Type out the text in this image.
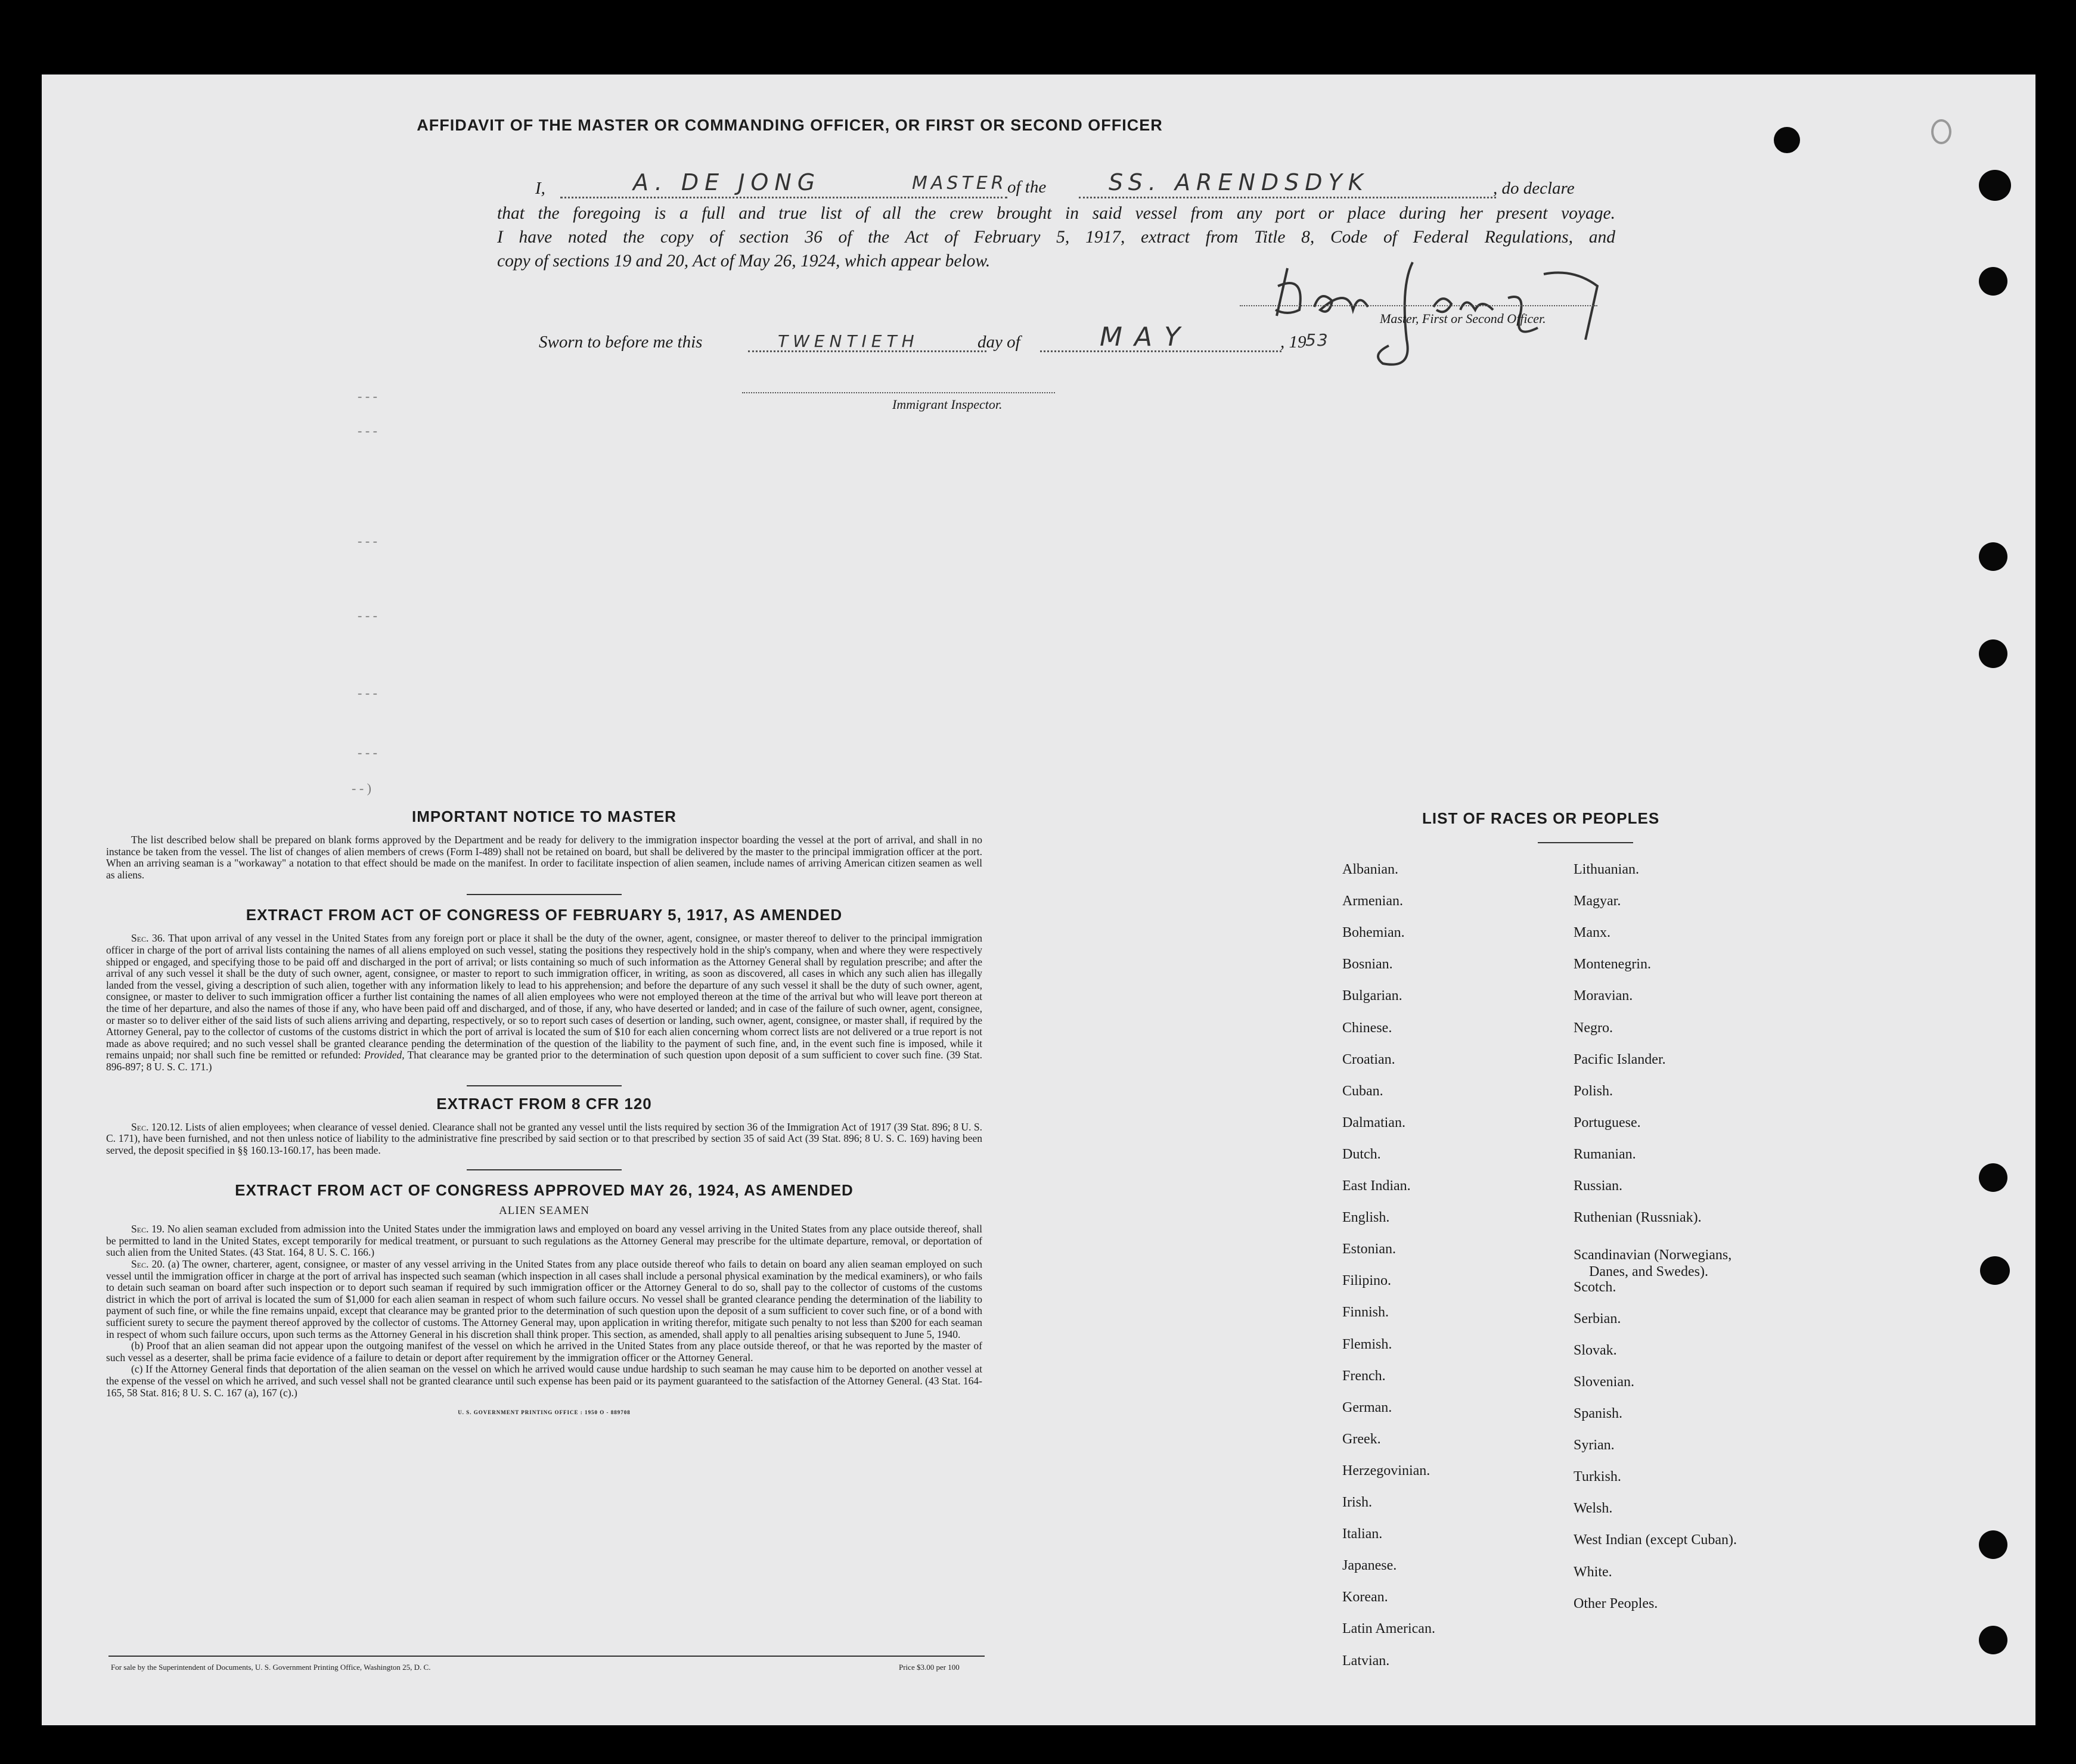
AFFIDAVIT OF THE MASTER OR COMMANDING OFFICER, OR FIRST OR SECOND OFFICER
I,	A. DE JONG	MASTER of the	SS. ARENDSDYK	, do declare
that the foregoing is a full and true list of all the crew brought in said vessel from any port or place during her present voyage.
I have noted the copy of section 36 of the Act of February 5, 1917, extract from Title 8, Code of Federal Regulations, and
copy of sections 19 and 20, Act of May 26, 1924, which appear below.
Master, First or Second Officer.
Sworn to before me this	TWENTIETH	day of	MAY	, 19
53
Immigrant Inspector.
- - -
- - -
- - -
- - -
- - -
- - -
- - )
IMPORTANT NOTICE TO MASTER

The list described below shall be prepared on blank forms approved by the Department and be ready for delivery to the immigration inspector boarding the vessel at the port of arrival, and shall in no instance be taken from the vessel. The list of changes of alien members of crews (Form I-489) shall not be retained on board, but shall be delivered by the master to the principal immigration officer at the port. When an arriving seaman is a "workaway" a notation to that effect should be made on the manifest. In order to facilitate inspection of alien seamen, include names of arriving American citizen seamen as well as aliens.

EXTRACT FROM ACT OF CONGRESS OF FEBRUARY 5, 1917, AS AMENDED

Sec. 36. That upon arrival of any vessel in the United States from any foreign port or place it shall be the duty of the owner, agent, consignee, or master thereof to deliver to the principal immigration officer in charge of the port of arrival lists containing the names of all aliens employed on such vessel, stating the positions they respectively hold in the ship's company, when and where they were respectively shipped or engaged, and specifying those to be paid off and discharged in the port of arrival; or lists containing so much of such information as the Attorney General shall by regulation prescribe; and after the arrival of any such vessel it shall be the duty of such owner, agent, consignee, or master to report to such immigration officer, in writing, as soon as discovered, all cases in which any such alien has illegally landed from the vessel, giving a description of such alien, together with any information likely to lead to his apprehension; and before the departure of any such vessel it shall be the duty of such owner, agent, consignee, or master to deliver to such immigration officer a further list containing the names of all alien employees who were not employed thereon at the time of the arrival but who will leave port thereon at the time of her departure, and also the names of those if any, who have been paid off and discharged, and of those, if any, who have deserted or landed; and in case of the failure of such owner, agent, consignee, or master so to deliver either of the said lists of such aliens arriving and departing, respectively, or so to report such cases of desertion or landing, such owner, agent, consignee, or master shall, if required by the Attorney General, pay to the collector of customs of the customs district in which the port of arrival is located the sum of $10 for each alien concerning whom correct lists are not delivered or a true report is not made as above required; and no such vessel shall be granted clearance pending the determination of the question of the liability to the payment of such fine, and, in the event such fine is imposed, while it remains unpaid; nor shall such fine be remitted or refunded: Provided, That clearance may be granted prior to the determination of such question upon deposit of a sum sufficient to cover such fine. (39 Stat. 896-897; 8 U. S. C. 171.)

EXTRACT FROM 8 CFR 120

Sec. 120.12. Lists of alien employees; when clearance of vessel denied. Clearance shall not be granted any vessel until the lists required by section 36 of the Immigration Act of 1917 (39 Stat. 896; 8 U. S. C. 171), have been furnished, and not then unless notice of liability to the administrative fine prescribed by said section or to that prescribed by section 35 of said Act (39 Stat. 896; 8 U. S. C. 169) having been served, the deposit specified in §§ 160.13-160.17, has been made.

EXTRACT FROM ACT OF CONGRESS APPROVED MAY 26, 1924, AS AMENDED
ALIEN SEAMEN

Sec. 19. No alien seaman excluded from admission into the United States under the immigration laws and employed on board any vessel arriving in the United States from any place outside thereof, shall be permitted to land in the United States, except temporarily for medical treatment, or pursuant to such regulations as the Attorney General may prescribe for the ultimate departure, removal, or deportation of such alien from the United States. (43 Stat. 164, 8 U. S. C. 166.)

Sec. 20. (a) The owner, charterer, agent, consignee, or master of any vessel arriving in the United States from any place outside thereof who fails to detain on board any alien seaman employed on such vessel until the immigration officer in charge at the port of arrival has inspected such seaman (which inspection in all cases shall include a personal physical examination by the medical examiners), or who fails to detain such seaman on board after such inspection or to deport such seaman if required by such immigration officer or the Attorney General to do so, shall pay to the collector of customs of the customs district in which the port of arrival is located the sum of $1,000 for each alien seaman in respect of whom such failure occurs. No vessel shall be granted clearance pending the determination of the liability to payment of such fine, or while the fine remains unpaid, except that clearance may be granted prior to the determination of such question upon the deposit of a sum sufficient to cover such fine, or of a bond with sufficient surety to secure the payment thereof approved by the collector of customs. The Attorney General may, upon application in writing therefor, mitigate such penalty to not less than $200 for each seaman in respect of whom such failure occurs, upon such terms as the Attorney General in his discretion shall think proper. This section, as amended, shall apply to all penalties arising subsequent to June 5, 1940.

(b) Proof that an alien seaman did not appear upon the outgoing manifest of the vessel on which he arrived in the United States from any place outside thereof, or that he was reported by the master of such vessel as a deserter, shall be prima facie evidence of a failure to detain or deport after requirement by the immigration officer or the Attorney General.

(c) If the Attorney General finds that deportation of the alien seaman on the vessel on which he arrived would cause undue hardship to such seaman he may cause him to be deported on another vessel at the expense of the vessel on which he arrived, and such vessel shall not be granted clearance until such expense has been paid or its payment guaranteed to the satisfaction of the Attorney General. (43 Stat. 164-165, 58 Stat. 816; 8 U. S. C. 167 (a), 167 (c).)

U. S. GOVERNMENT PRINTING OFFICE : 1950 O - 889708
For sale by the Superintendent of Documents, U. S. Government Printing Office, Washington 25, D. C.	Price $3.00 per 100
LIST OF RACES OR PEOPLES
Albanian.
Armenian.
Bohemian.
Bosnian.
Bulgarian.
Chinese.
Croatian.
Cuban.
Dalmatian.
Dutch.
East Indian.
English.
Estonian.
Filipino.
Finnish.
Flemish.
French.
German.
Greek.
Herzegovinian.
Irish.
Italian.
Japanese.
Korean.
Latin American.
Latvian.
Lithuanian.
Magyar.
Manx.
Montenegrin.
Moravian.
Negro.
Pacific Islander.
Polish.
Portuguese.
Rumanian.
Russian.
Ruthenian (Russniak).
Scandinavian (Norwegians,
Danes, and Swedes).
Scotch.
Serbian.
Slovak.
Slovenian.
Spanish.
Syrian.
Turkish.
Welsh.
West Indian (except Cuban).
White.
Other Peoples.
